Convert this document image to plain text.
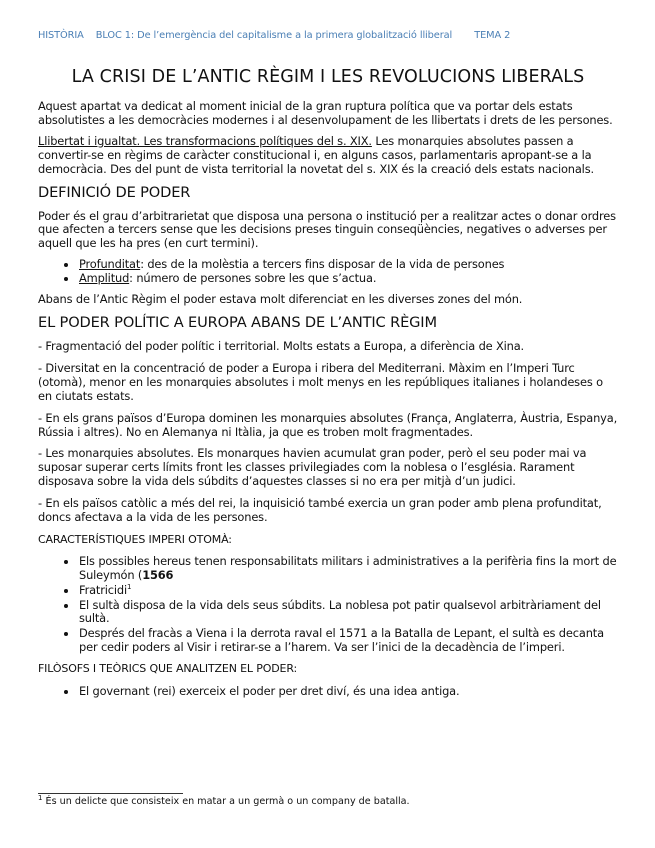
HISTÒRIA BLOC 1: De l’emergència del capitalisme a la primera globalització lliberal TEMA 2
LA CRISI DE L’ANTIC RÈGIM I LES REVOLUCIONS LIBERALS

Aquest apartat va dedicat al moment inicial de la gran ruptura política que va portar dels estats absolutistes a les democràcies modernes i al desenvolupament de les llibertats i drets de les persones.

Llibertat i igualtat. Les transformacions polítiques del s. XIX. Les monarquies absolutes passen a convertir-se en règims de caràcter constitucional i, en alguns casos, parlamentaris apropant-se a la democràcia. Des del punt de vista territorial la novetat del s. XIX és la creació dels estats nacionals.

DEFINICIÓ DE PODER

Poder és el grau d’arbitrarietat que disposa una persona o institució per a realitzar actes o donar ordres que afecten a tercers sense que les decisions preses tinguin conseqüències, negatives o adverses per aquell que les ha pres (en curt termini).

• Profunditat: des de la molèstia a tercers fins disposar de la vida de persones
• Amplitud: número de persones sobre les que s’actua.

Abans de l’Antic Règim el poder estava molt diferenciat en les diverses zones del món.

EL PODER POLÍTIC A EUROPA ABANS DE L’ANTIC RÈGIM

- Fragmentació del poder polític i territorial. Molts estats a Europa, a diferència de Xina.

- Diversitat en la concentració de poder a Europa i ribera del Mediterrani. Màxim en l’Imperi Turc (otomà), menor en les monarquies absolutes i molt menys en les repúbliques italianes i holandeses o en ciutats estats.

- En els grans països d’Europa dominen les monarquies absolutes (França, Anglaterra, Àustria, Espanya, Rússia i altres). No en Alemanya ni Itàlia, ja que es troben molt fragmentades.

- Les monarquies absolutes. Els monarques havien acumulat gran poder, però el seu poder mai va suposar superar certs límits front les classes privilegiades com la noblesa o l’església. Rarament disposava sobre la vida dels súbdits d’aquestes classes si no era per mitjà d’un judici.

- En els països catòlic a més del rei, la inquisició també exercia un gran poder amb plena profunditat, doncs afectava a la vida de les persones.

CARACTERÍSTIQUES IMPERI OTOMÀ:

• Els possibles hereus tenen responsabilitats militars i administratives a la perifèria fins la mort de Suleymón (1566
• Fratricidi$^1$
• El sultà disposa de la vida dels seus súbdits. La noblesa pot patir qualsevol arbitràriament del sultà.
• Després del fracàs a Viena i la derrota raval el 1571 a la Batalla de Lepant, el sultà es decanta per cedir poders al Visir i retirar-se a l’harem. Va ser l’inici de la decadència de l’imperi.

FILÒSOFS I TEÒRICS QUE ANALITZEN EL PODER:

• El governant (rei) exerceix el poder per dret diví, és una idea antiga.
$^1$ És un delicte que consisteix en matar a un germà o un company de batalla.
